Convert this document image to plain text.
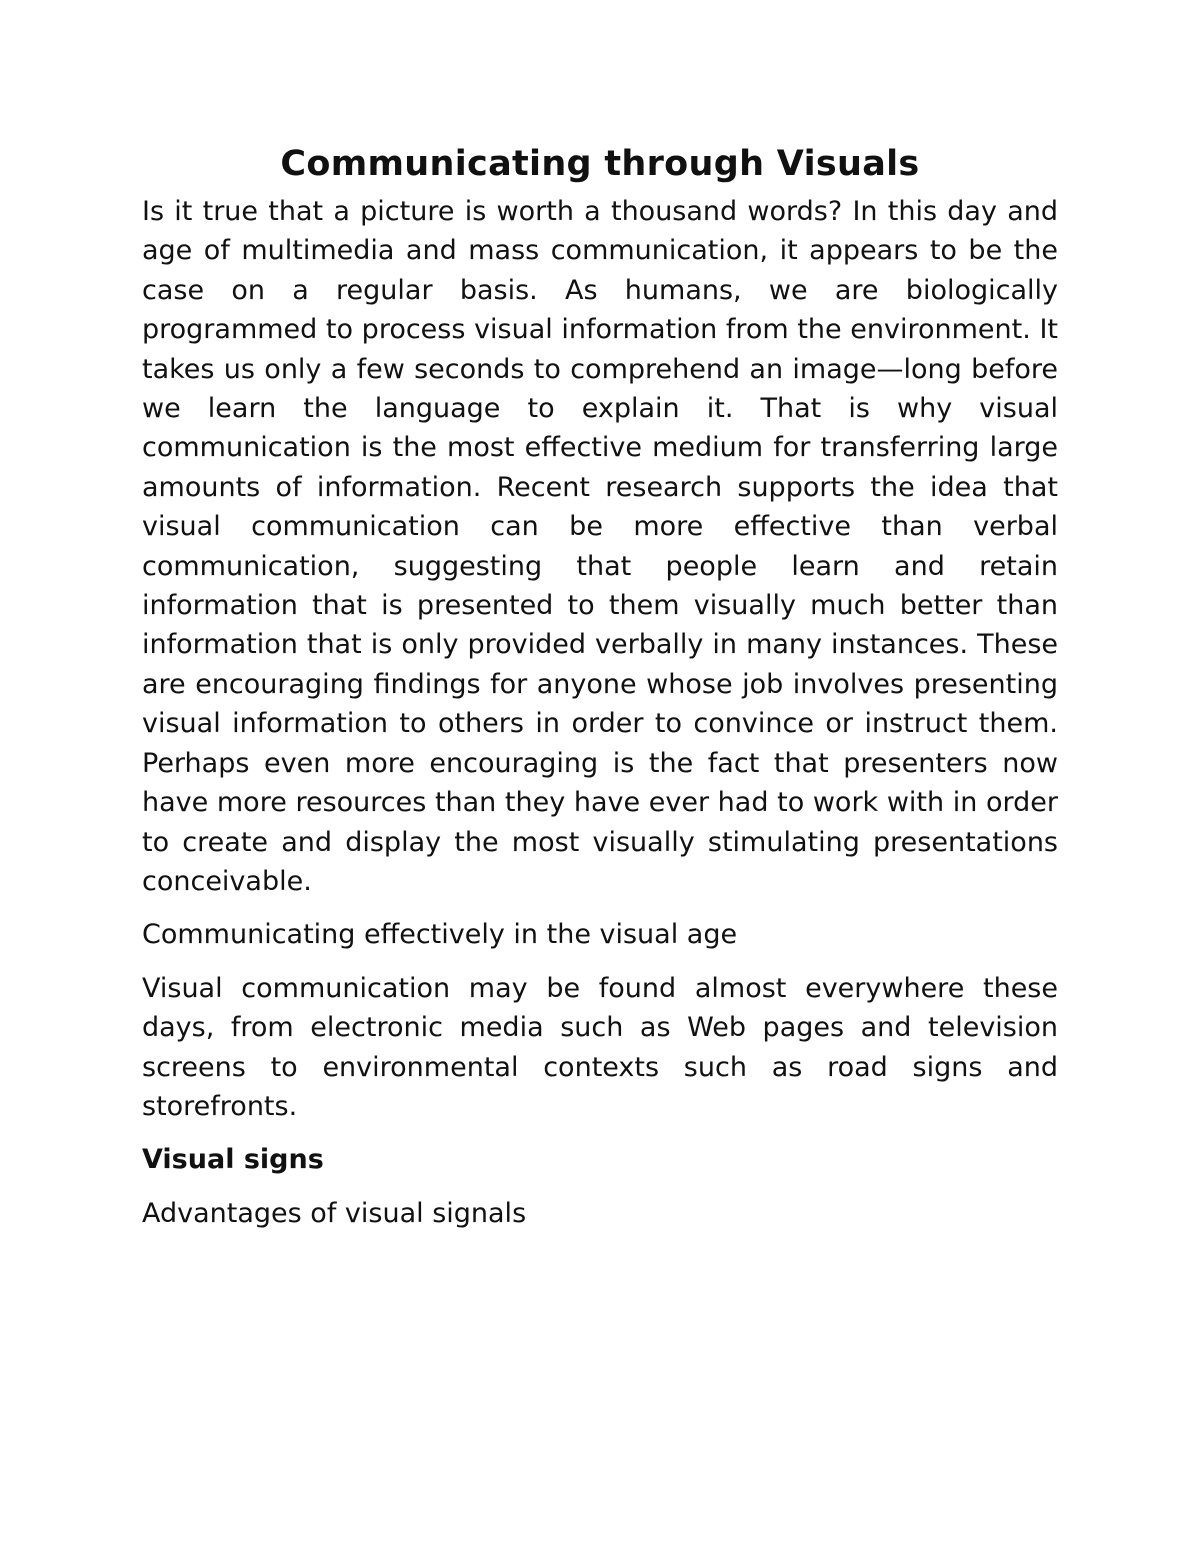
Communicating through Visuals

Is it true that a picture is worth a thousand words? In this day and age of multimedia and mass communication, it appears to be the case on a regular basis. As humans, we are biologically programmed to process visual information from the environment. It takes us only a few seconds to comprehend an image—long before we learn the language to explain it. That is why visual communication is the most effective medium for transferring large amounts of information. Recent research supports the idea that visual communication can be more effective than verbal communication, suggesting that people learn and retain information that is presented to them visually much better than information that is only provided verbally in many instances. These are encouraging findings for anyone whose job involves presenting visual information to others in order to convince or instruct them. Perhaps even more encouraging is the fact that presenters now have more resources than they have ever had to work with in order to create and display the most visually stimulating presentations conceivable.

Communicating effectively in the visual age

Visual communication may be found almost everywhere these days, from electronic media such as Web pages and television screens to environmental contexts such as road signs and storefronts.

Visual signs

Advantages of visual signals
